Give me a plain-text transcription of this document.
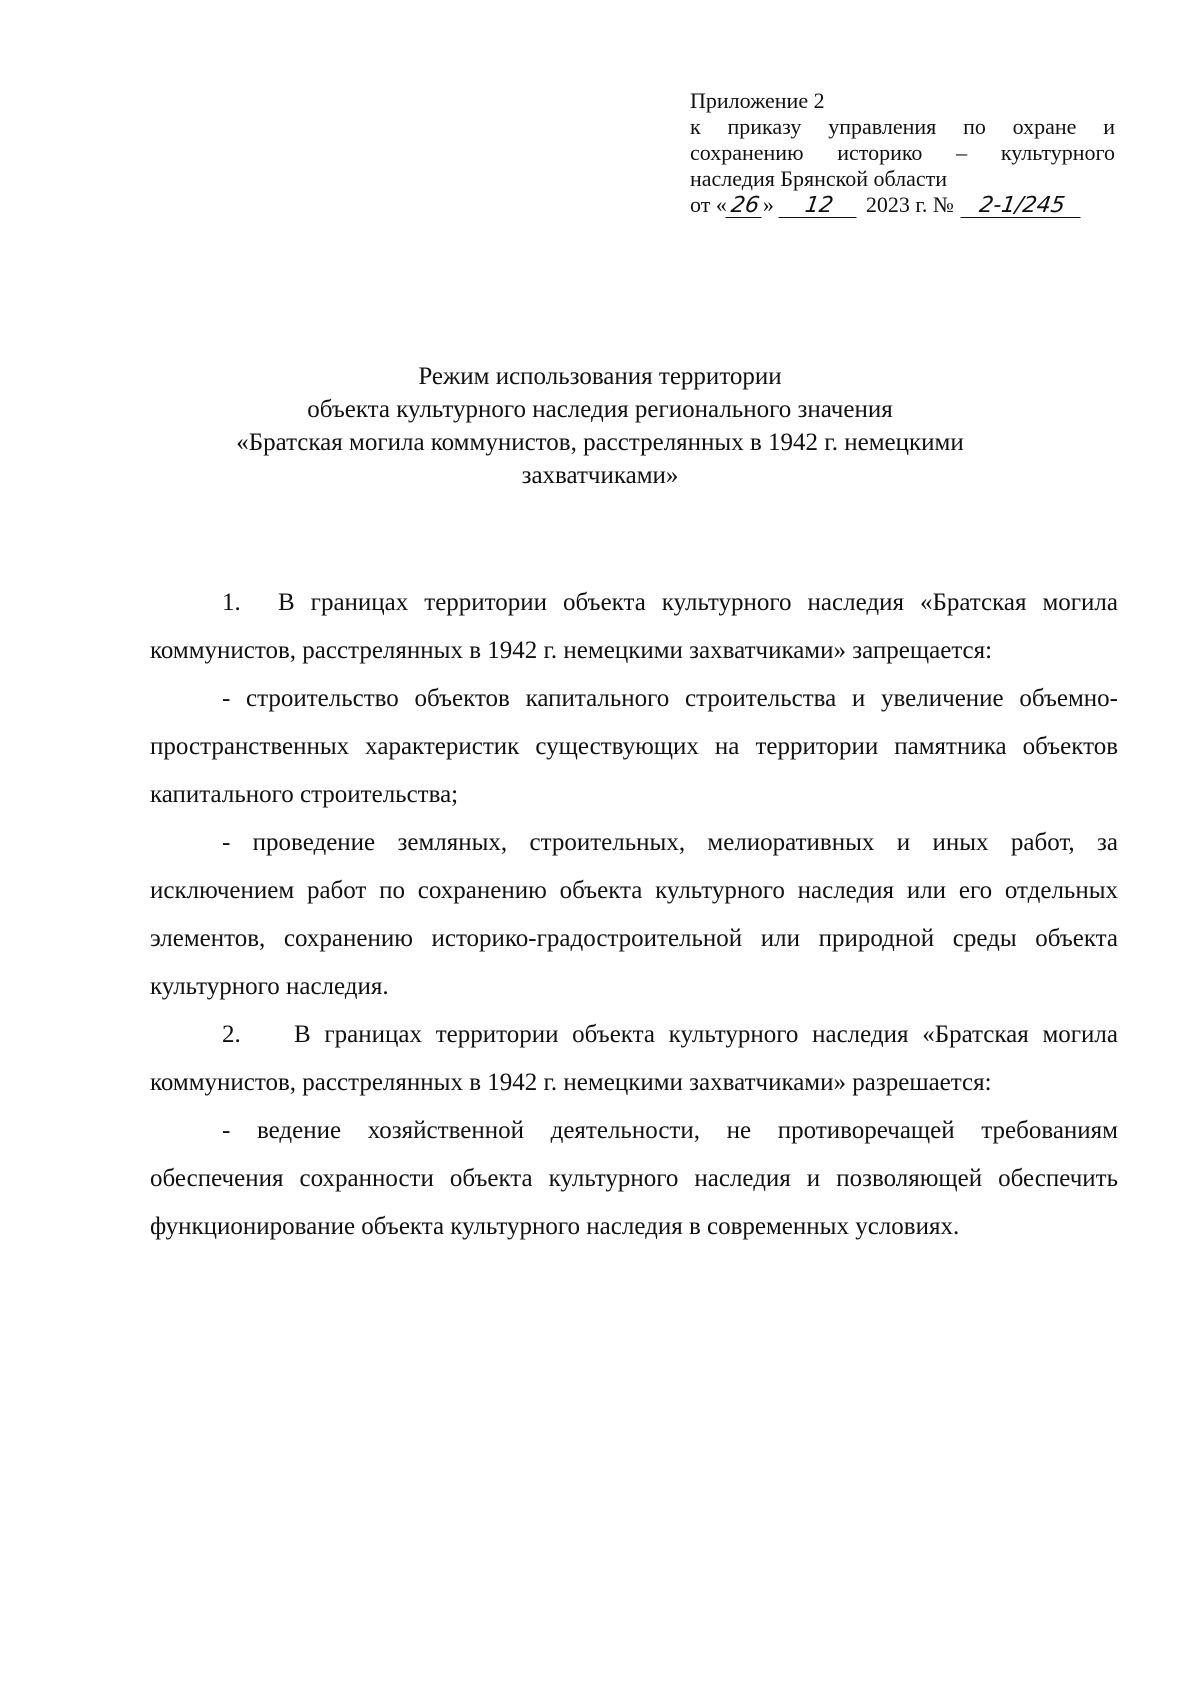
Приложение 2
к приказу управления по охране и
сохранению историко – культурного
наследия Брянской области
от « 26 »	12	2023 г. №	2-1/245
Режим использования территории
объекта культурного наследия регионального значения
«Братская могила коммунистов, расстрелянных в 1942 г. немецкими
захватчиками»

1. В границах территории объекта культурного наследия «Братская могила коммунистов, расстрелянных в 1942 г. немецкими захватчиками» запрещается:

- строительство объектов капитального строительства и увеличение объемно-пространственных характеристик существующих на территории памятника объектов капитального строительства;

- проведение земляных, строительных, мелиоративных и иных работ, за исключением работ по сохранению объекта культурного наследия или его отдельных элементов, сохранению историко-градостроительной или природной среды объекта культурного наследия.

2. В границах территории объекта культурного наследия «Братская могила коммунистов, расстрелянных в 1942 г. немецкими захватчиками» разрешается:

- ведение хозяйственной деятельности, не противоречащей требованиям обеспечения сохранности объекта культурного наследия и позволяющей обеспечить функционирование объекта культурного наследия в современных условиях.
